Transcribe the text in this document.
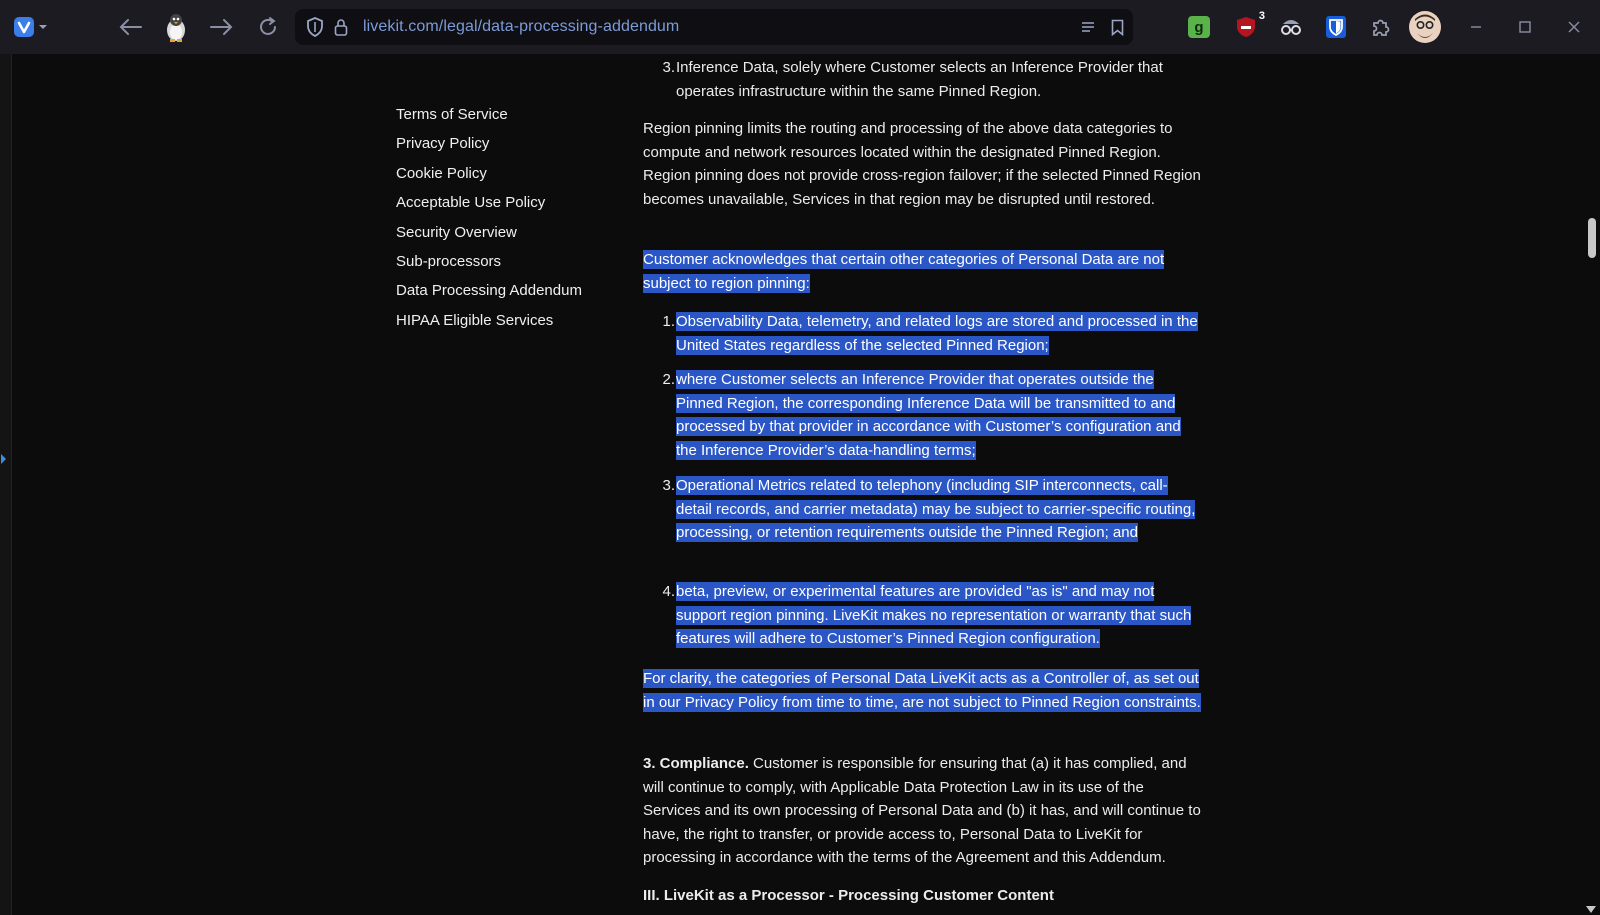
livekit.com/legal/data-processing-addendum	g
3
Terms of Service
Privacy Policy
Cookie Policy
Acceptable Use Policy
Security Overview
Sub-processors
Data Processing Addendum
HIPAA Eligible Services
3. Inference Data, solely where Customer selects an Inference Provider that operates infrastructure within the same Pinned Region.

Region pinning limits the routing and processing of the above data categories to compute and network resources located within the designated Pinned Region. Region pinning does not provide cross-region failover; if the selected Pinned Region becomes unavailable, Services in that region may be disrupted until restored.

Customer acknowledges that certain other categories of Personal Data are not subject to region pinning:

1. Observability Data, telemetry, and related logs are stored and processed in the United States regardless of the selected Pinned Region;
2. where Customer selects an Inference Provider that operates outside the Pinned Region, the corresponding Inference Data will be transmitted to and processed by that provider in accordance with Customer’s configuration and the Inference Provider’s data-handling terms;
3. Operational Metrics related to telephony (including SIP interconnects, call-detail records, and carrier metadata) may be subject to carrier-specific routing, processing, or retention requirements outside the Pinned Region; and
4. beta, preview, or experimental features are provided "as is" and may not support region pinning. LiveKit makes no representation or warranty that such features will adhere to Customer’s Pinned Region configuration.

For clarity, the categories of Personal Data LiveKit acts as a Controller of, as set out in our Privacy Policy from time to time, are not subject to Pinned Region constraints.

3. Compliance. Customer is responsible for ensuring that (a) it has complied, and will continue to comply, with Applicable Data Protection Law in its use of the Services and its own processing of Personal Data and (b) it has, and will continue to have, the right to transfer, or provide access to, Personal Data to LiveKit for processing in accordance with the terms of the Agreement and this Addendum.

III. LiveKit as a Processor - Processing Customer Content
